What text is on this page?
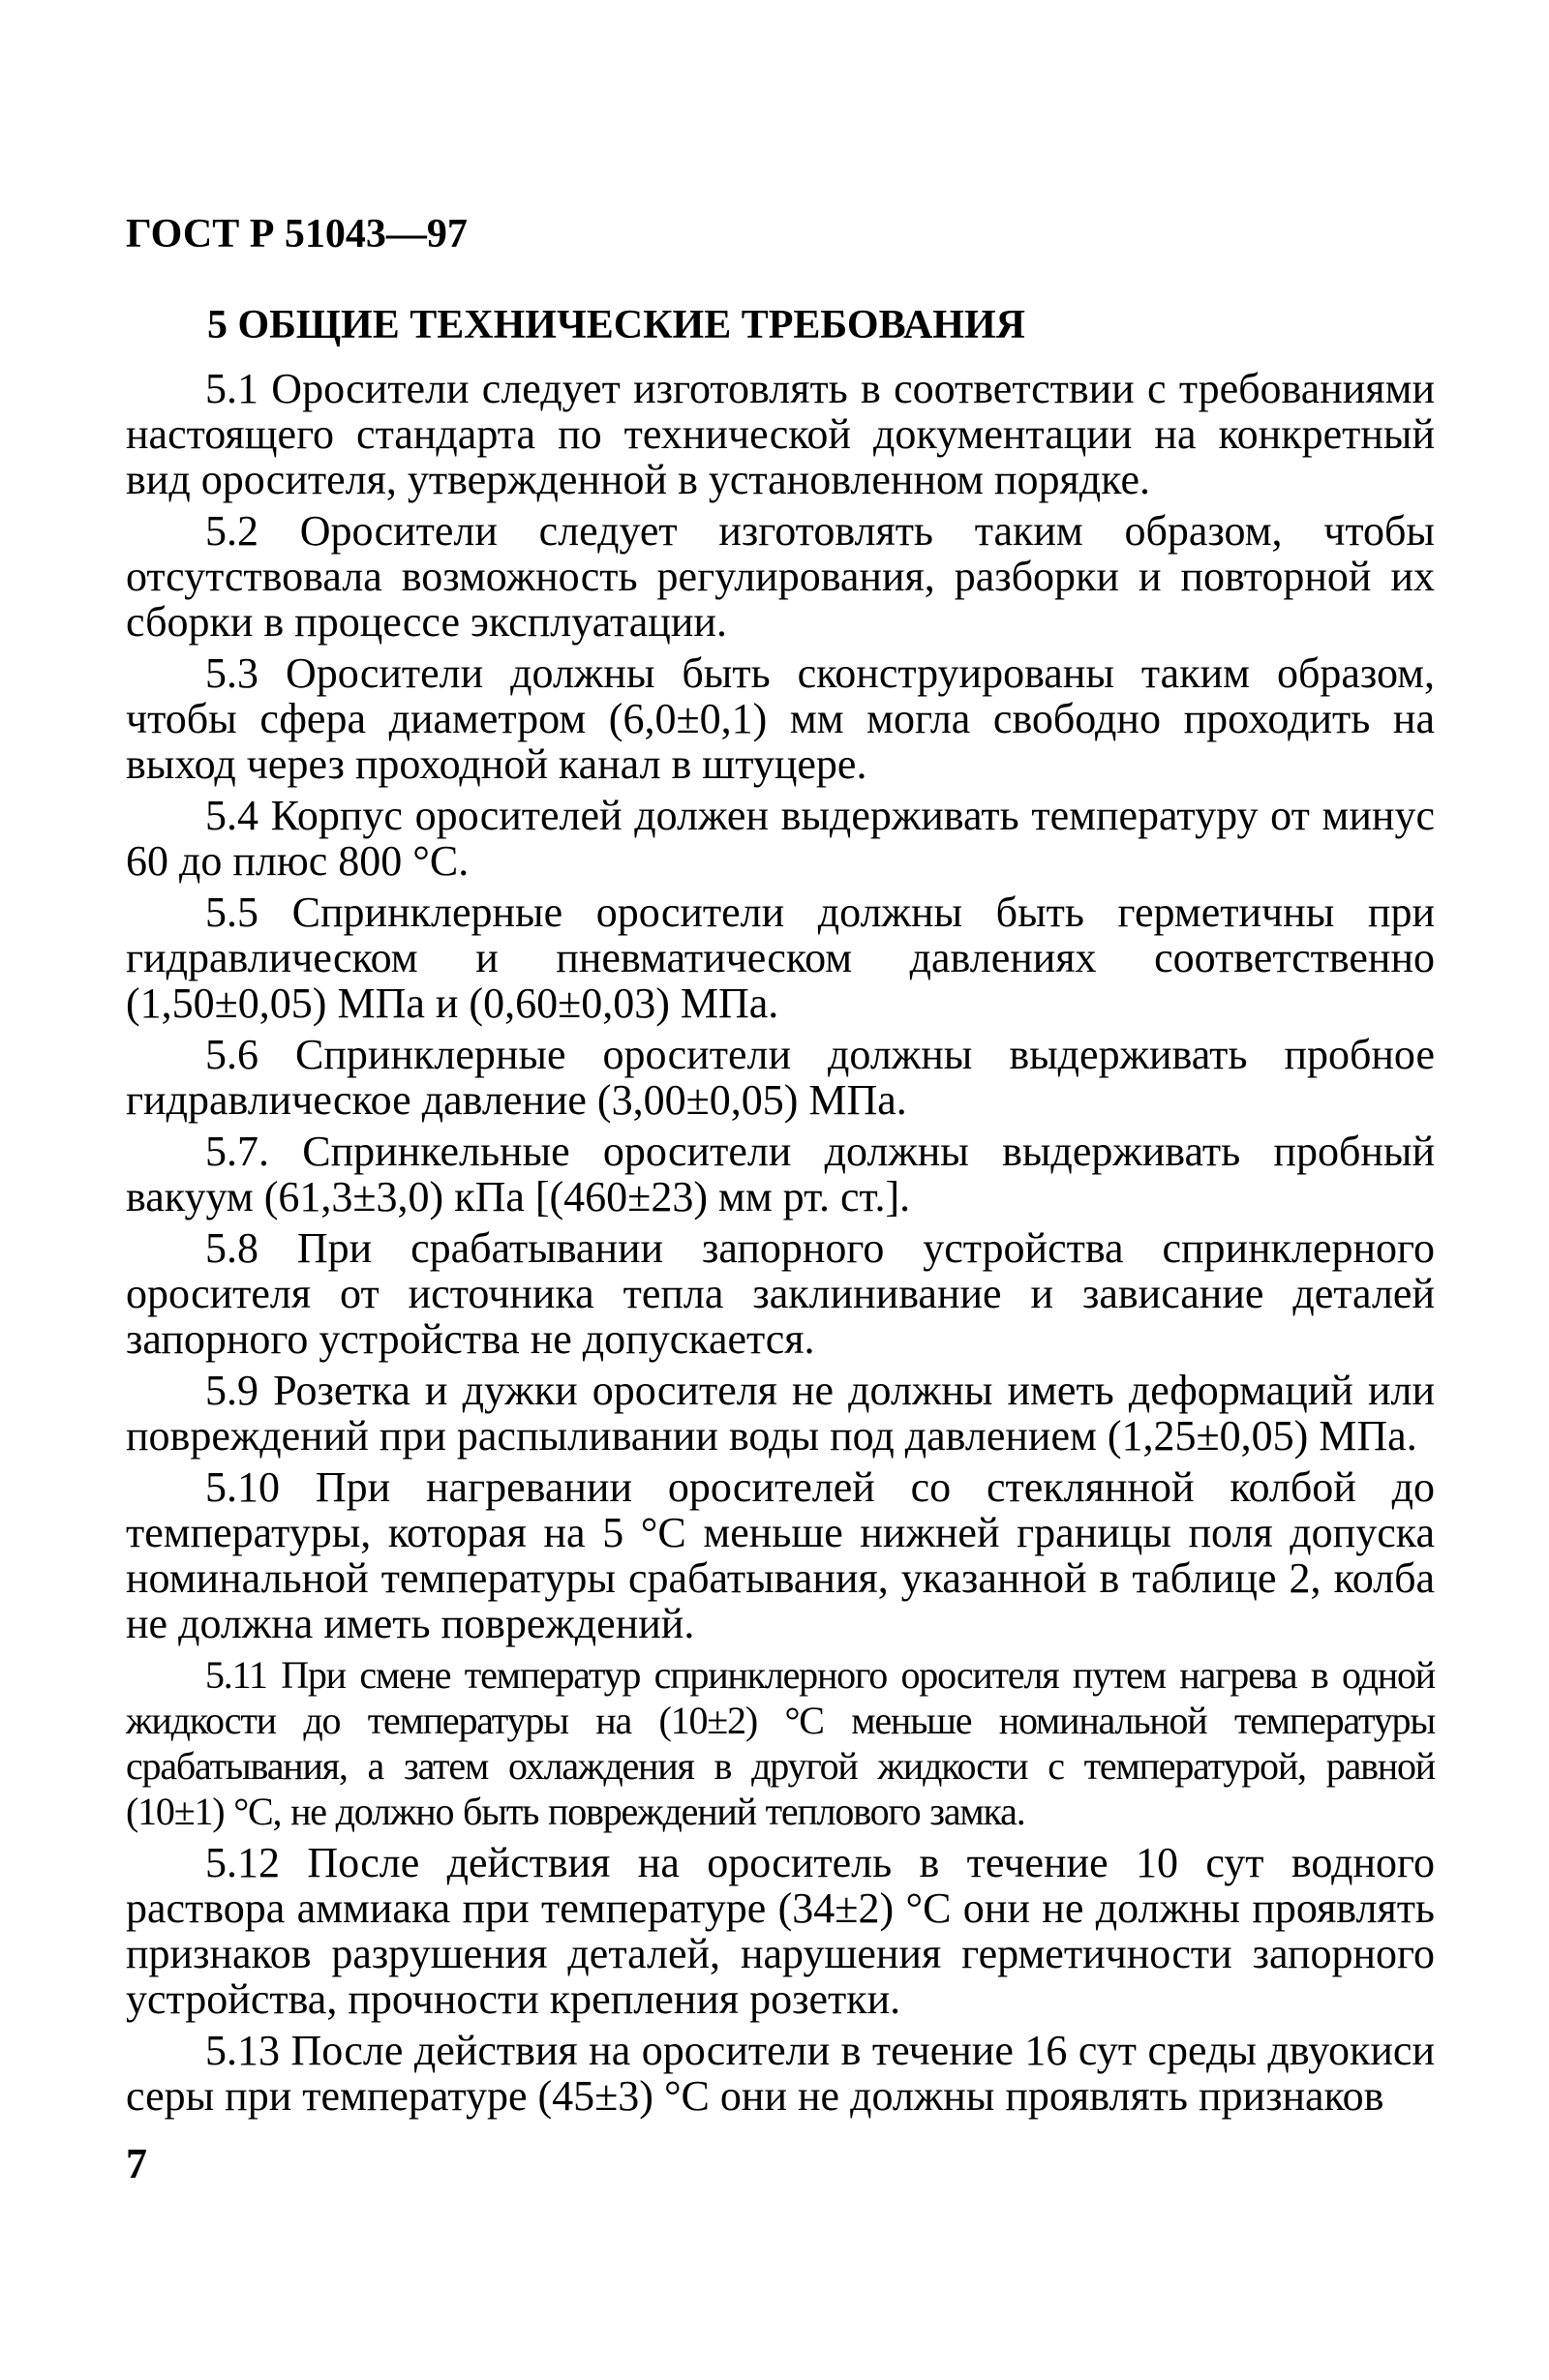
ГОСТ Р 51043—97

5 ОБЩИЕ ТЕХНИЧЕСКИЕ ТРЕБОВАНИЯ

5.1 Оросители следует изготовлять в соответствии с требованиями настоящего стандарта по технической документации на конкретный вид оросителя, утвержденной в установленном порядке.

5.2 Оросители следует изготовлять таким образом, чтобы отсутствовала возможность регулирования, разборки и повторной их сборки в процессе эксплуатации.

5.3 Оросители должны быть сконструированы таким образом, чтобы сфера диаметром (6,0±0,1) мм могла свободно проходить на выход через проходной канал в штуцере.

5.4 Корпус оросителей должен выдерживать температуру от минус 60 до плюс 800 °С.

5.5 Спринклерные оросители должны быть герметичны при гидравлическом и пневматическом давлениях соответственно (1,50±0,05) МПа и (0,60±0,03) МПа.

5.6 Спринклерные оросители должны выдерживать пробное гидравлическое давление (3,00±0,05) МПа.

5.7. Спринкельные оросители должны выдерживать пробный вакуум (61,3±3,0) кПа [(460±23) мм рт. ст.].

5.8 При срабатывании запорного устройства спринклерного оросителя от источника тепла заклинивание и зависание деталей запорного устройства не допускается.

5.9 Розетка и дужки оросителя не должны иметь деформаций или повреждений при распыливании воды под давлением (1,25±0,05) МПа.

5.10 При нагревании оросителей со стеклянной колбой до температуры, которая на 5 °С меньше нижней границы поля допуска номинальной температуры срабатывания, указанной в таблице 2, колба не должна иметь повреждений.

5.11 При смене температур спринклерного оросителя путем нагрева в одной жидкости до температуры на (10±2) °С меньше номинальной температуры срабатывания, а затем охлаждения в другой жидкости с температурой, равной (10±1) °С, не должно быть повреждений теплового замка.

5.12 После действия на ороситель в течение 10 сут водного раствора аммиака при температуре (34±2) °С они не должны проявлять признаков разрушения деталей, нарушения герметичности запорного устройства, прочности крепления розетки.

5.13 После действия на оросители в течение 16 сут среды двуокиси серы при температуре (45±3) °С они не должны проявлять признаков

7
